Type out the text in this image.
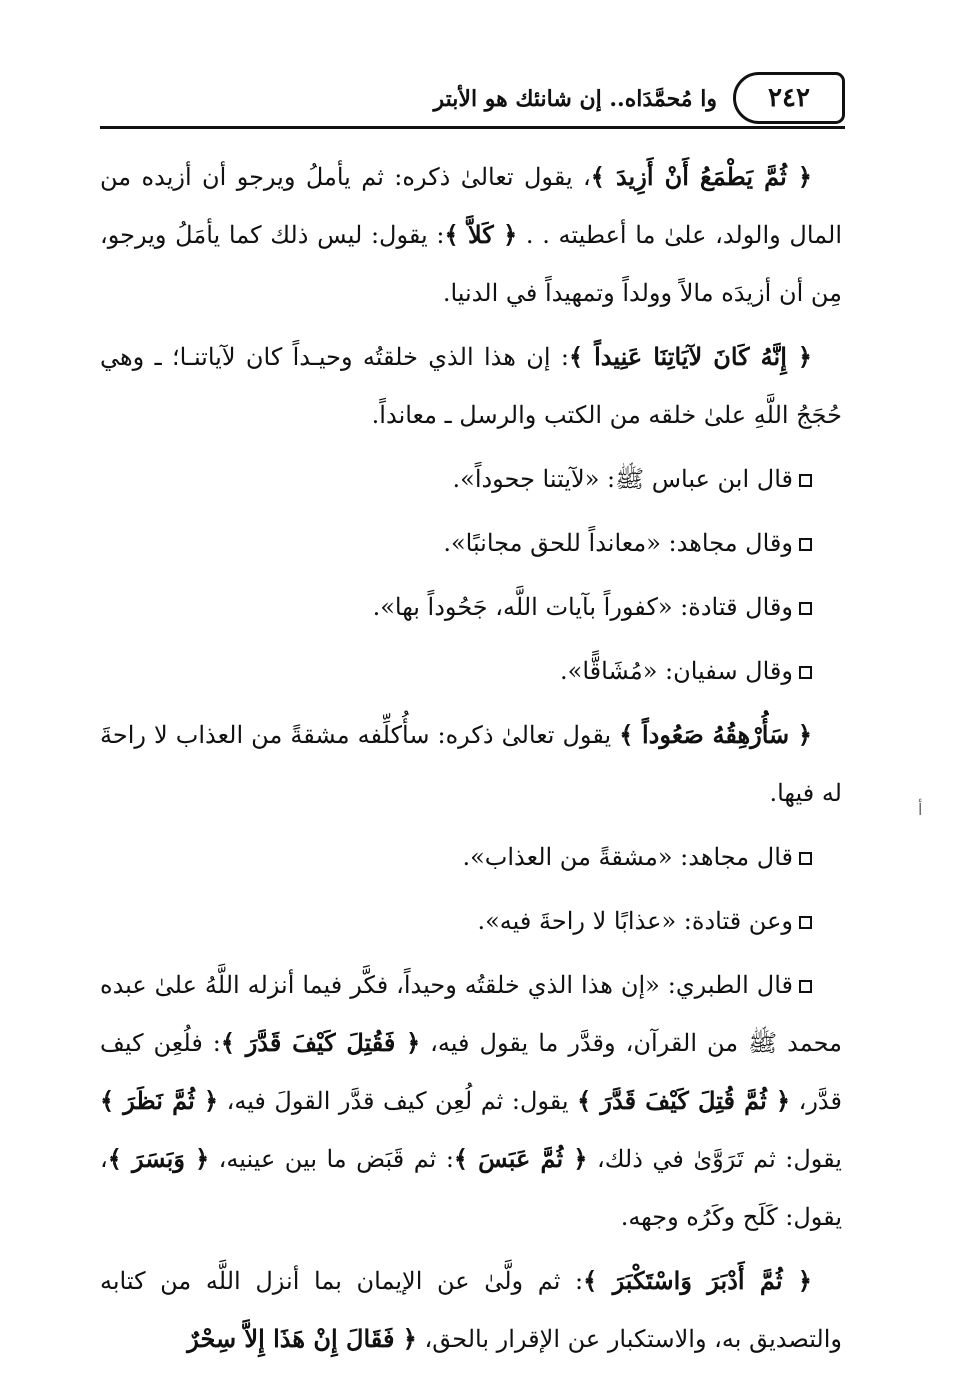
وا مُحمَّدَاه.. إن شانئك هو الأبتر	٢٤٢

﴿ ثُمَّ يَطْمَعُ أَنْ أَزِيدَ ﴾، يقول تعالىٰ ذكره: ثم يأملُ ويرجو أن أزيده من المال والولد، علىٰ ما أعطيته . . ﴿ كَلاَّ ﴾: يقول: ليس ذلك كما يأمَلُ ويرجو، مِن أن أزيدَه مالاً وولداً وتمهيداً في الدنيا.

﴿ إِنَّهُ كَانَ لآيَاتِنَا عَنِيداً ﴾: إن هذا الذي خلقتُه وحيـداً كان لآياتنـا؛ ـ وهي حُجَجُ اللَّهِ علىٰ خلقه من الكتب والرسل ـ معانداً.

قال ابن عباس ﷺ: «لآيتنا جحوداً».

وقال مجاهد: «معانداً للحق مجانبًا».

وقال قتادة: «كفوراً بآيات اللَّه، جَحُوداً بها».

وقال سفيان: «مُشَاقًّا».

﴿ سَأُرْهِقُهُ صَعُوداً ﴾ يقول تعالىٰ ذكره: سأُكلِّفه مشقةً من العذاب لا راحةَ له فيها.

قال مجاهد: «مشقةً من العذاب».

وعن قتادة: «عذابًا لا راحةَ فيه».

قال الطبري: «إن هذا الذي خلقتُه وحيداً، فكَّر فيما أنزله اللَّهُ علىٰ عبده محمد ﷺ من القرآن، وقدَّر ما يقول فيه، ﴿ فَقُتِلَ كَيْفَ قَدَّرَ ﴾: فلُعِن كيف قدَّر، ﴿ ثُمَّ قُتِلَ كَيْفَ قَدَّرَ ﴾ يقول: ثم لُعِن كيف قدَّر القولَ فيه، ﴿ ثُمَّ نَظَرَ ﴾ يقول: ثم تَرَوَّىٰ في ذلك، ﴿ ثُمَّ عَبَسَ ﴾: ثم قَبَض ما بين عينيه، ﴿ وَبَسَرَ ﴾، يقول: كَلَح وكَرُه وجهه.

﴿ ثُمَّ أَدْبَرَ وَاسْتَكْبَرَ ﴾: ثم ولَّىٰ عن الإيمان بما أنزل اللَّه من كتابه والتصديق به، والاستكبار عن الإقرار بالحق، ﴿ فَقَالَ إِنْ هَذَا إِلاَّ سِحْرٌ

ﺃ
